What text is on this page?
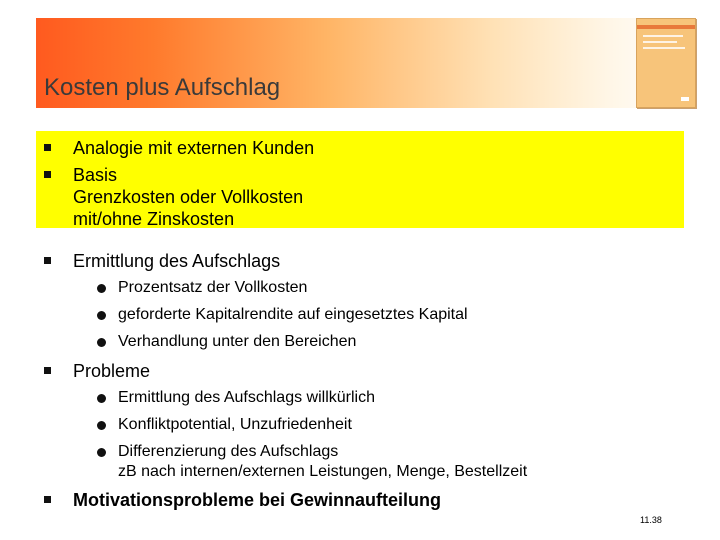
Kosten plus Aufschlag
Analogie mit externen Kunden
Basis
Grenzkosten oder Vollkosten
mit/ohne Zinskosten
Ermittlung des Aufschlags
Prozentsatz der Vollkosten
geforderte Kapitalrendite auf eingesetztes Kapital
Verhandlung unter den Bereichen
Probleme
Ermittlung des Aufschlags willkürlich
Konfliktpotential, Unzufriedenheit
Differenzierung des Aufschlags
zB nach internen/externen Leistungen, Menge, Bestellzeit
Motivationsprobleme bei Gewinnaufteilung
11.38
